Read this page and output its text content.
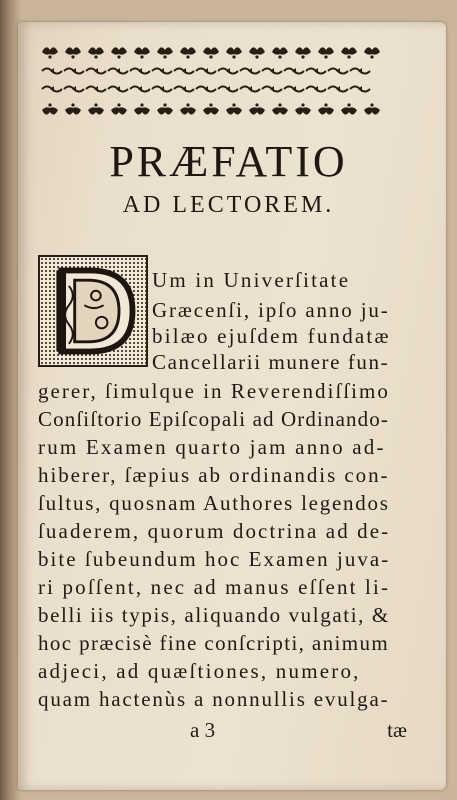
PRÆFATIO
AD LECTOREM.
Um in Univerſitate
Græcenſi, ipſo anno ju-
bilæo ejuſdem fundatæ
Cancellarii munere fun-
gerer, ſimulque in Reverendiſſimo
Conſiſtorio Epiſcopali ad Ordinando-
rum Examen quarto jam anno ad-
hiberer, ſæpius ab ordinandis con-
ſultus, quosnam Authores legendos
ſuaderem, quorum doctrina ad de-
bite ſubeundum hoc Examen juva-
ri poſſent, nec ad manus eſſent li-
belli iis typis, aliquando vulgati, &
hoc præcisè fine conſcripti, animum
adjeci, ad quæſtiones, numero,
quam hactenùs a nonnullis evulga-
a 3	tæ
